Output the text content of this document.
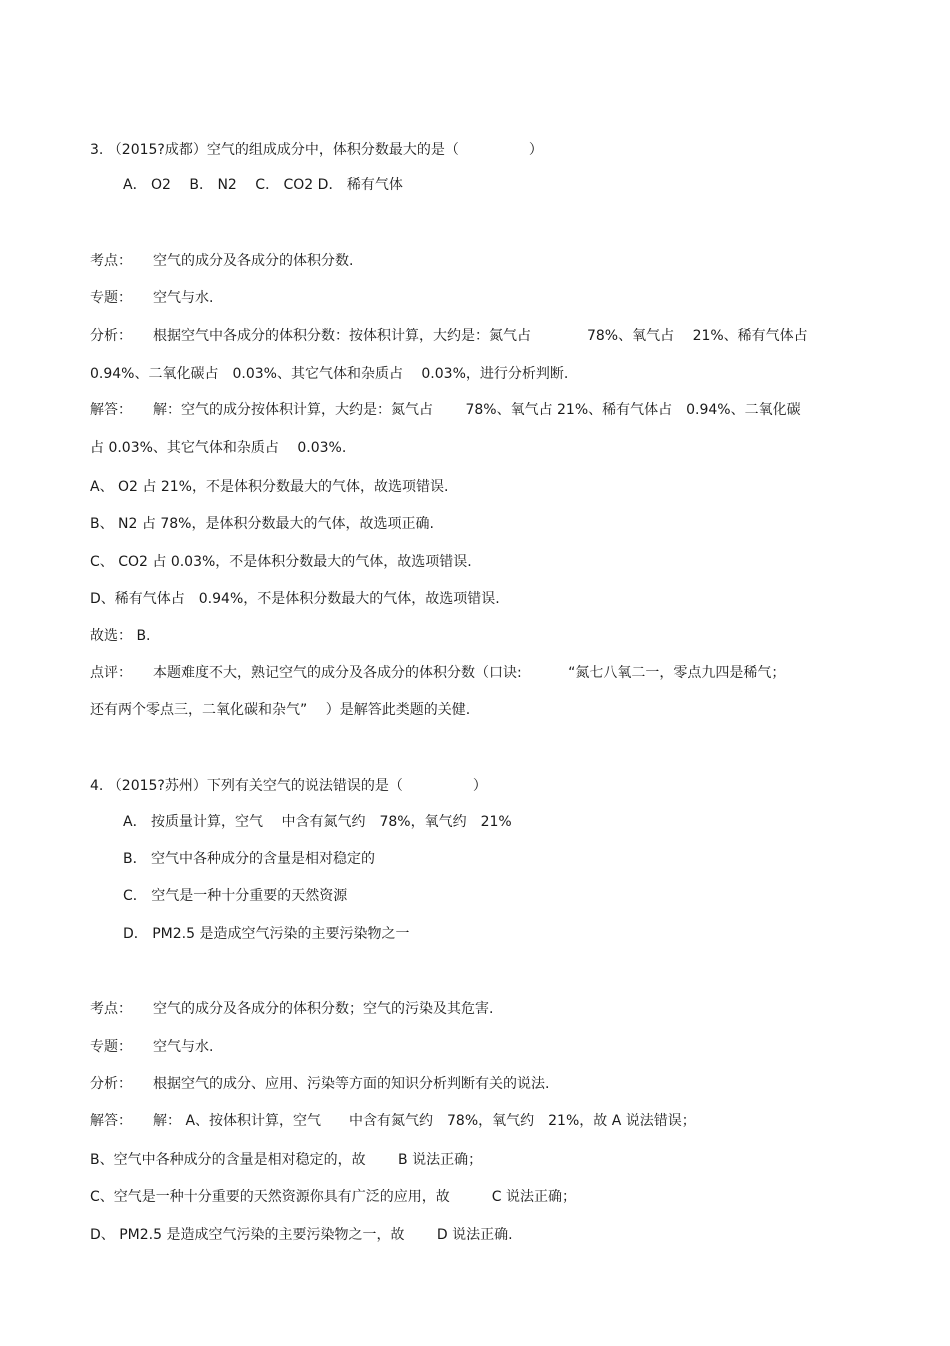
3. （2015?成都）空气的组成成分中，体积分数最大的是（　　　　　）
A． O2 　B． N2 　C． CO2 D． 稀有气体
考点：　　空气的成分及各成分的体积分数.
专题：　　空气与水.
分析：　　根据空气中各成分的体积分数：按体积计算，大约是：氮气占　　　　78%、氧气占　 21%、稀有气体占
0.94%、二氧化碳占　0.03%、其它气体和杂质占　 0.03%，进行分析判断.
解答：　　解：空气的成分按体积计算，大约是：氮气占　　 78%、氧气占 21%、稀有气体占　0.94%、二氧化碳
占 0.03%、其它气体和杂质占　 0.03%.
A、 O2 占 21%，不是体积分数最大的气体，故选项错误.
B、 N2 占 78%，是体积分数最大的气体，故选项正确.
C、 CO2 占 0.03%，不是体积分数最大的气体，故选项错误.
D、稀有气体占　0.94%，不是体积分数最大的气体，故选项错误.
故选： B.
点评：　　本题难度不大，熟记空气的成分及各成分的体积分数（口诀:　　　 “氮七八氧二一，零点九四是稀气；
还有两个零点三，二氧化碳和杂气”　 ）是解答此类题的关健.
4. （2015?苏州）下列有关空气的说法错误的是（　　　　　）
A． 按质量计算，空气　 中含有氮气约　78%，氧气约　21%
B． 空气中各种成分的含量是相对稳定的
C． 空气是一种十分重要的天然资源
D． PM2.5 是造成空气污染的主要污染物之一
考点：　　空气的成分及各成分的体积分数；空气的污染及其危害.
专题：　　空气与水.
分析：　　根据空气的成分、应用、污染等方面的知识分析判断有关的说法.
解答：　　解： A、按体积计算，空气　　中含有氮气约　78%，氧气约　21%，故 A 说法错误；
B、空气中各种成分的含量是相对稳定的，故　　 B 说法正确；
C、空气是一种十分重要的天然资源你具有广泛的应用，故　　　C 说法正确；
D、 PM2.5 是造成空气污染的主要污染物之一，故　　 D 说法正确.
